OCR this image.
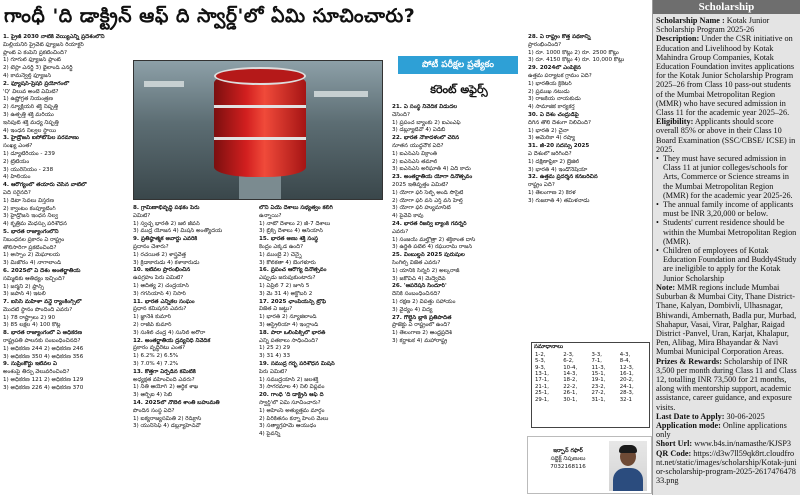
గాంధీ 'ది డాక్ట్రిన్ ఆఫ్ ది స్వార్డ్'లో ఏమి సూచించారు?

1. ప్రైజ్ 2030 నాటికి వెయ్యిఎన్ని ప్రదేశంలోని

మిల్లియనీర్ ప్రైవేట్ ఫ్యూజన్ రియాక్టర్

ప్లాంట్ ఏ కంపెనీ ప్రకటించింది?

1) గూగుల్ ఫ్యూజన్ ప్లాంట్

2) టెస్లా ఎనర్జీ 3) థైలాండ్ ఎనర్జీ

4) కామన్వెల్త్ ఫ్యూజన్

2. ఫ్యూషన్-ప్రెషర్ ప్రయోగంలో

'Q' విలువ అంటే ఏమిటి?

1) ఉష్ణోగ్రత నియంత్రణ

2) న్యూక్లియర్ శక్తి నిష్పత్తి

3) ఉత్పత్తి శక్తి మరియు

ఇన్‌పుట్ శక్తి మధ్య నిష్పత్తి

4) ఇంధన నిల్వల స్థాయి

3. హైడ్రోజన్ ఐసోటోప్‌ల పరమాణు

సంఖ్య ఎంత?

1) డ్యూటీరియం - 239

2) ట్రిటియం

3) యురేనియం - 238

4) హీలియం

4. ఆరోగ్యంలో తయారు చేసిన వాటిలో

ఏది సరైనది?

1) డేటా సేవలు విస్తరణ

2) క్వాంటం కంప్యూటింగ్

3) హైడ్రోజన్ ఇంధన నిల్వ

4) కృత్రిమ మేధస్సు పరిశోధన

5. భారత రాజ్యాంగంలోని

నిబంధనల ప్రకారం ఏ రాష్ట్రం

తొలిసారిగా ప్రకటించింది?

1) అస్సాం 2) మేఘాలయ

3) మిజోరం 4) నాగాలాండ్

6. 2025లో ఏ దేశం అంతర్జాతీయ

సమ్మిట్‌కు ఆతిథ్యం ఇచ్చింది?

1) జర్మనీ 2) ఫ్రాన్స్

3) జపాన్ 4) ఇటలీ

7. ఐసిసి మహిళా వన్డే ర్యాంకింగ్స్‌లో

మొదటి స్థానం పొందింది ఎవరు?

1) 78 రాష్ట్రాలు 2) 90

3) 85 లక్షల 4) 100 కోట్ల

8. భారత రాజ్యాంగంలో ఏ అధికరణ

రాష్ట్రపతి పాలనకు సంబంధించినది?

1) అధికరణ 244 2) అధికరణ 246

3) అధికరణ 350 4) అధికరణ 356

9. సుప్రీంకోర్టు ఇటీవల ఏ

అంశంపై తీర్పు వెలువరించింది?

1) అధికరణ 121 2) అధికరణ 129

3) అధికరణ 226 4) అధికరణ 370

పోటీ పరీక్షల ప్రత్యేకం
కరెంట్ అఫైర్స్

8. గ్రామీణాభివృద్ధి పథకం పేరు

ఏమిటి?

1) స్వచ్ఛ భారత్ 2) జల్ జీవన్

3) ముద్ర యోజన 4) మిషన్ అంత్యోదయ

9. ప్రతిష్ఠాత్మక అవార్డు ఎవరికి

ప్రదానం చేశారు?

1) రచయిత 2) శాస్త్రవేత్త

3) క్రీడాకారుడు 4) కళాకారుడు

10. ఇటీవల ప్రారంభించిన

ఉపగ్రహం పేరు ఏమిటి?

1) ఆదిత్య 2) చంద్రయాన్

3) గగన్‌యాన్ 4) నిసార్

11. భారత ఎన్నికల సంఘం

ప్రధాన కమిషనర్ ఎవరు?

1) జ్ఞానేశ్ కుమార్

2) రాజీవ్ కుమార్

3) సుశీల్ చంద్ర 4) సునీల్ అరోరా

12. అంతర్జాతీయ ద్రవ్యనిధి నివేదిక

ప్రకారం వృద్ధిరేటు ఎంత?

1) 6.2% 2) 6.5%

3) 7.0% 4) 7.2%

13. కొత్తగా ఏర్పడిన కమిటీకి

అధ్యక్షత వహించింది ఎవరు?

1) నీతి ఆయోగ్ 2) ఆర్థిక శాఖ

3) ఆర్బీఐ 4) సెబీ

14. 2025లో నోబెల్ శాంతి బహుమతి

పొందిన సంస్థ ఏది?

1) ఐక్యరాజ్యసమితి 2) రెడ్‌క్రాస్

3) యునిసెఫ్ 4) డబ్ల్యూహెచ్‌వో

లోని ఏయే దేశాలు సభ్యత్వం కలిగి

ఉన్నాయి?

1) నాటో దేశాలు 2) జీ-7 దేశాలు

3) బ్రిక్స్ దేశాలు 4) ఆసియాన్

15. భారత అణు శక్తి సంస్థ

కేంద్రం ఎక్కడ ఉంది?

1) ముంబై 2) చెన్నై

3) కోల్‌కతా 4) బెంగళూరు

16. ప్రపంచ ఆరోగ్య దినోత్సవం

ఎప్పుడు జరుపుకుంటారు?

1) ఏప్రిల్ 7 2) జూన్ 5

3) మే 31 4) అక్టోబర్ 2

17. 2025 ఛాంపియన్స్ ట్రోఫీ

విజేత ఏ జట్టు?

1) భారత్ 2) న్యూజిలాండ్

3) ఆస్ట్రేలియా 4) ఇంగ్లాండ్

18. పారా ఒలింపిక్స్‌లో భారత్

ఎన్ని పతకాలు సాధించింది?

1) 25 2) 29

3) 31 4) 33

19. సముద్ర గర్భ పరిశోధన మిషన్

పేరు ఏమిటి?

1) సముద్రయాన్ 2) జలశక్తి

3) సాగరమాల 4) నీలి విప్లవం

20. గాంధీ 'ది డాక్ట్రిన్ ఆఫ్ ది

స్వార్డ్'లో ఏమి సూచించారు?

1) అహింసే అత్యుత్తమ మార్గం

2) పిరికితనం కన్నా హింస మేలు

3) సత్యాగ్రహమే ఆయుధం

4) పైవన్నీ

21. ఏ సంస్థ నివేదిక విడుదల

చేసింది?

1) ప్రపంచ బ్యాంకు 2) ఐఎంఎఫ్

3) డబ్ల్యూటీవో 4) ఏడీబీ

22. భారత నౌకాదళంలో చేరిన

నూతన యుద్ధనౌక ఏది?

1) ఐఎన్ఎస్ విక్రాంత్

2) ఐఎన్ఎస్ తమాల్

3) ఐఎన్ఎస్ అరిఘాత్ 4) ఏదీ కాదు

23. అంతర్జాతీయ యోగా దినోత్సవం

2025 ఇతివృత్తం ఏమిటి?

1) యోగా ఫర్ సెల్ఫ్ అండ్ సొసైటీ

2) యోగా ఫర్ వన్ ఎర్త్ వన్ హెల్త్

3) యోగా ఫర్ హ్యుమానిటీ

4) పైవేవీ కావు

24. భారత రిజర్వ్ బ్యాంక్ గవర్నర్

ఎవరు?

1) సంజయ్ మల్హోత్రా 2) శక్తికాంత దాస్

3) ఉర్జిత్ పటేల్ 4) రఘురామ్ రాజన్

25. వింబుల్డన్ 2025 పురుషుల

సింగిల్స్ విజేత ఎవరు?

1) యానిక్ సిన్నర్ 2) అల్కరాజ్

3) జకోవిచ్ 4) మెద్వెదెవ్

26. 'ఆపరేషన్ సిందూర్'

దేనికి సంబంధించినది?

1) రక్షణ 2) విపత్తు సహాయం

3) వైద్యం 4) విద్య

27. గోల్డెన్ బ్లాక్ ప్రతిపాదిత

ప్రాజెక్టు ఏ రాష్ట్రంలో ఉంది?

1) తెలంగాణ 2) ఆంధ్రప్రదేశ్

3) కర్ణాటక 4) మహారాష్ట్ర

28. ఏ రాష్ట్రం కొత్త పథకాన్ని

ప్రారంభించింది?

1) రూ. 1000 కోట్లు 2) రూ. 2500 కోట్లు

3) రూ. 4150 కోట్లు 4) రూ. 10,000 కోట్లు

29. 2024లో ఎంపికైన

ఉత్తమ పర్యాటక గ్రామం ఏది?

1) భారతీయ క్రికెటర్

2) ప్రముఖ నటుడు

3) రాజకీయ నాయకుడు

4) సామాజిక కార్యకర్త

30. ఏ దేశం చంద్రుడిపై

దిగిన తొలి దేశంగా నిలిచింది?

1) భారత్ 2) చైనా

3) అమెరికా 4) రష్యా

31. జీ-20 సదస్సు 2025

ఏ దేశంలో జరిగింది?

1) దక్షిణాఫ్రికా 2) బ్రెజిల్

3) భారత్ 4) ఇండోనేషియా

32. ఉత్తమ ప్రదర్శన కనబరిచిన

రాష్ట్రం ఏది?

1) తెలంగాణ 2) కేరళ

3) గుజరాత్ 4) తమిళనాడు

సమాధానాలు
1-2,	2-3,	3-3,	4-3,
5-3,	6-2,	7-1,	8-4,
9-3,	10-4,	11-3,	12-3,
13-1,	14-3,	15-1,	16-1,
17-1,	18-2,	19-1,	20-2,
21-1,	22-2,	23-2,	24-1,
25-1,	26-1,	27-2,	28-3,
29-1,	30-1,	31-1,	32-1
ఇర్ఫాన్ గఫార్
సబ్జెక్ట్ నిపుణులు
7032168116
Scholarship

Scholarship Name : Kotak Junior Scholarship Program 2025-26

Description: Under the CSR initiative on Education and Livelihood by Kotak Mahindra Group Companies, Kotak Education Foundation invites applications for the Kotak Junior Scholarship Program 2025–26 from Class 10 pass-out students of the Mumbai Metropolitan Region (MMR) who have secured admission in Class 11 for the academic year 2025–26.

Eligibility: Applicants should score overall 85% or above in their Class 10 Board Examination (SSC/CBSE/ ICSE) in 2025.

• They must have secured admission in Class 11 at junior colleges/schools for Arts, Commerce or Science streams in the Mumbai Metropolitan Region (MMR) for the academic year 2025-26.
• The annual family income of applicants must be INR 3,20,000 or below.
• Students' current residence should be within the Mumbai Metropolitan Region (MMR).
• Children of employees of Kotak Education Foundation and Buddy4Study are ineligible to apply for the Kotak Junior Scholarship

Note: MMR regions include Mumbai Suburban & Mumbai City, Thane District-Thane, Kalyan, Dombivli, Ulhasnagar, Bhiwandi, Ambernath, Badla pur, Murbad, Shahapur, Vasai, Virar, Palghar, Raigad District -Panvel, Uran, Karjat, Khalapur, Pen, Alibag, Mira Bhayandar & Navi Mumbai Municipal Corporation Areas.

Prizes & Rewards: Scholarship of INR 3,500 per month during Class 11 and Class 12, totalling INR 73,500 for 21 months, along with mentorship support, academic assistance, career guidance, and exposure visits.

Last Date to Apply: 30-06-2025

Application mode: Online applications only

Short Url: www.b4s.in/namasthe/KJSP3

QR Code: https://d3w7ll59qk8rt.cloudfront.net/static/images/scholarship/Kotak-junior-scholarship-program-2025-261747647833.png
